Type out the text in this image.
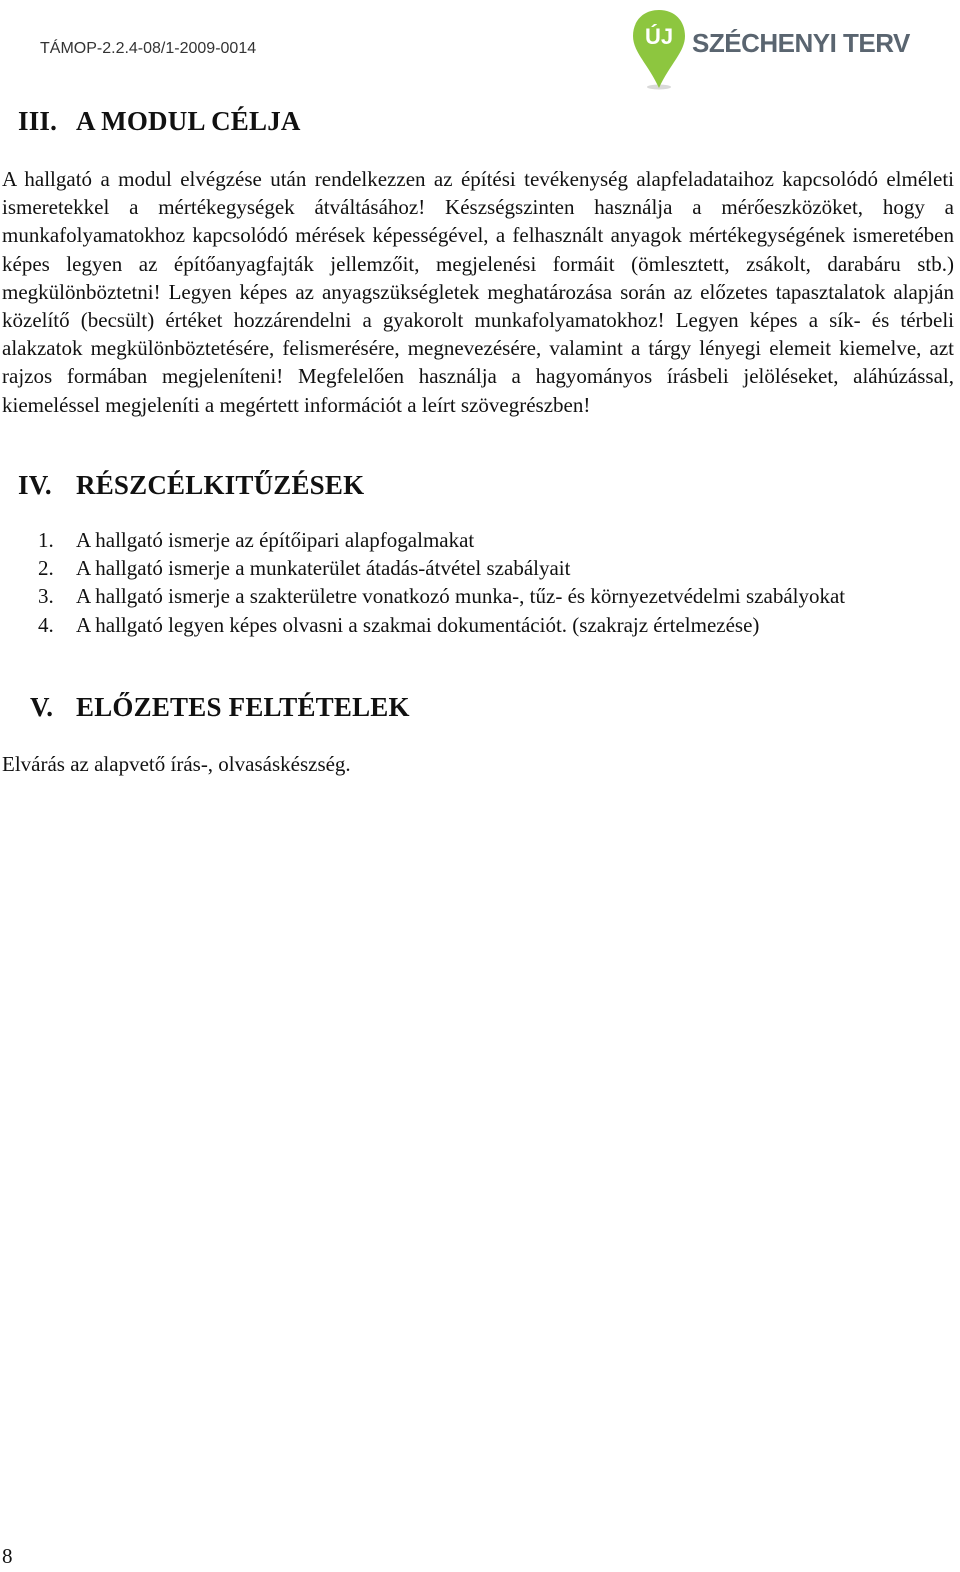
TÁMOP-2.2.4-08/1-2009-0014	ÚJ SZÉCHENYI TERV
III. A MODUL CÉLJA

A hallgató a modul elvégzése után rendelkezzen az építési tevékenység alapfeladataihoz kapcsolódó elméleti ismeretekkel a mértékegységek átváltásához! Készségszinten használja a mérőeszközöket, hogy a munkafolyamatokhoz kapcsolódó mérések képességével, a felhasznált anyagok mértékegységének ismeretében képes legyen az építőanyagfajták jellemzőit, megjelenési formáit (ömlesztett, zsákolt, darabáru stb.) megkülönböztetni! Legyen képes az anyagszükségletek meghatározása során az előzetes tapasztalatok alapján közelítő (becsült) értéket hozzárendelni a gyakorolt munkafolyamatokhoz! Legyen képes a sík- és térbeli alakzatok megkülönböztetésére, felismerésére, megnevezésére, valamint a tárgy lényegi elemeit kiemelve, azt rajzos formában megjeleníteni! Megfelelően használja a hagyományos írásbeli jelöléseket, aláhúzással, kiemeléssel megjeleníti a megértett információt a leírt szövegrészben!

IV. RÉSZCÉLKITŰZÉSEK
1. A hallgató ismerje az építőipari alapfogalmakat
2. A hallgató ismerje a munkaterület átadás-átvétel szabályait
3. A hallgató ismerje a szakterületre vonatkozó munka-, tűz- és környezetvédelmi szabályokat
4. A hallgató legyen képes olvasni a szakmai dokumentációt. (szakrajz értelmezése)
V. ELŐZETES FELTÉTELEK

Elvárás az alapvető írás-, olvasáskészség.

8
